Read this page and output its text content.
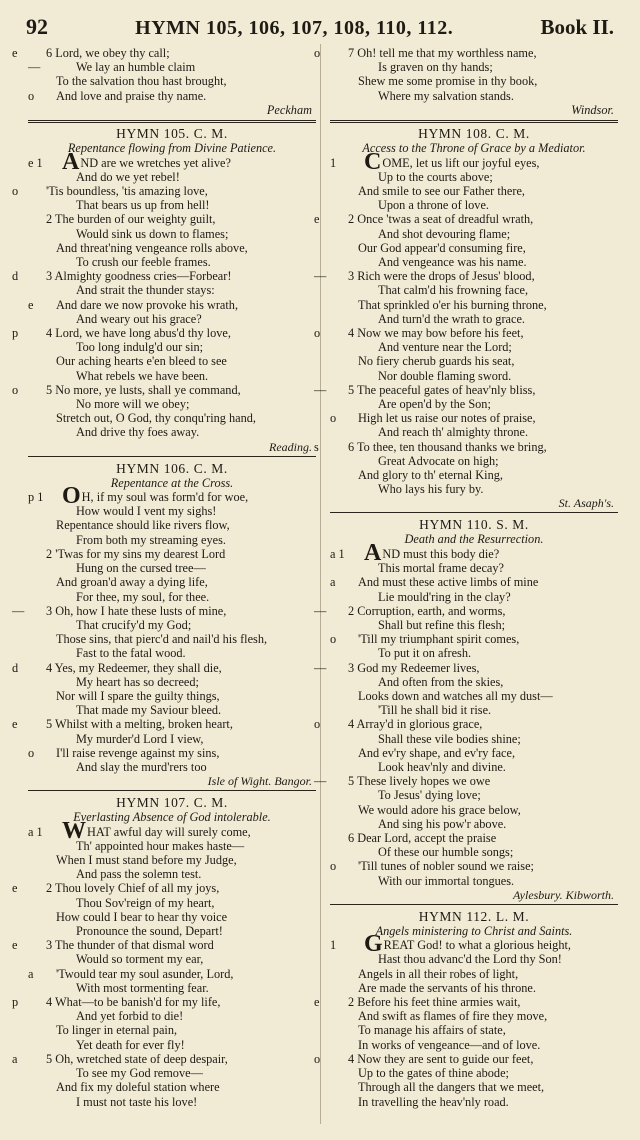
92	HYMN 105, 106, 107, 108, 110, 112.	Book II.
e	6 Lord, we obey thy call;
—	We lay an humble claim
To the salvation thou hast brought,
o	And love and praise thy name.
Peckham

HYMN 105. C. M.
Repentance flowing from Divine Patience.
e 1 AND are we wretches yet alive?
And do we yet rebel!
o	'Tis boundless, 'tis amazing love,
That bears us up from hell!
2 The burden of our weighty guilt,
Would sink us down to flames;
And threat'ning vengeance rolls above,
To crush our feeble frames.
d	3 Almighty goodness cries—Forbear!
And strait the thunder stays:
e	And dare we now provoke his wrath,
And weary out his grace?
p	4 Lord, we have long abus'd thy love,
Too long indulg'd our sin;
Our aching hearts e'en bleed to see
What rebels we have been.
o	5 No more, ye lusts, shall ye command,
No more will we obey;
Stretch out, O God, thy conqu'ring hand,
And drive thy foes away.
Reading.
HYMN 106. C. M.
Repentance at the Cross.
p 1 OH, if my soul was form'd for woe,
How would I vent my sighs!
Repentance should like rivers flow,
From both my streaming eyes.
2 'Twas for my sins my dearest Lord
Hung on the cursed tree—
And groan'd away a dying life,
For thee, my soul, for thee.
—	3 Oh, how I hate these lusts of mine,
That crucify'd my God;
Those sins, that pierc'd and nail'd his flesh,
Fast to the fatal wood.
d	4 Yes, my Redeemer, they shall die,
My heart has so decreed;
Nor will I spare the guilty things,
That made my Saviour bleed.
e	5 Whilst with a melting, broken heart,
My murder'd Lord I view,
o	I'll raise revenge against my sins,
And slay the murd'rers too
Isle of Wight. Bangor.
HYMN 107. C. M.
Everlasting Absence of God intolerable.
a 1 WHAT awful day will surely come,
Th' appointed hour makes haste—
When I must stand before my Judge,
And pass the solemn test.
e	2 Thou lovely Chief of all my joys,
Thou Sov'reign of my heart,
How could I bear to hear thy voice
Pronounce the sound, Depart!
e	3 The thunder of that dismal word
Would so torment my ear,
a	'Twould tear my soul asunder, Lord,
With most tormenting fear.
p	4 What—to be banish'd for my life,
And yet forbid to die!
To linger in eternal pain,
Yet death for ever fly!
a	5 Oh, wretched state of deep despair,
To see my God remove—
And fix my doleful station where
I must not taste his love!
o	7 Oh! tell me that my worthless name,
Is graven on thy hands;
Shew me some promise in thy book,
Where my salvation stands.
Windsor.

HYMN 108. C. M.
Access to the Throne of Grace by a Mediator.
1	COME, let us lift our joyful eyes,
Up to the courts above;
And smile to see our Father there,
Upon a throne of love.
e	2 Once 'twas a seat of dreadful wrath,
And shot devouring flame;
Our God appear'd consuming fire,
And vengeance was his name.
—	3 Rich were the drops of Jesus' blood,
That calm'd his frowning face,
That sprinkled o'er his burning throne,
And turn'd the wrath to grace.
o	4 Now we may bow before his feet,
And venture near the Lord;
No fiery cherub guards his seat,
Nor double flaming sword.
—	5 The peaceful gates of heav'nly bliss,
Are open'd by the Son;
o	High let us raise our notes of praise,
And reach th' almighty throne.
s	6 To thee, ten thousand thanks we bring,
Great Advocate on high;
And glory to th' eternal King,
Who lays his fury by.
St. Asaph's.
HYMN 110. S. M.
Death and the Resurrection.
a 1 AND must this body die?
This mortal frame decay?
a	And must these active limbs of mine
Lie mould'ring in the clay?
—	2 Corruption, earth, and worms,
Shall but refine this flesh;
o	'Till my triumphant spirit comes,
To put it on afresh.
—	3 God my Redeemer lives,
And often from the skies,
Looks down and watches all my dust—
'Till he shall bid it rise.
o	4 Array'd in glorious grace,
Shall these vile bodies shine;
And ev'ry shape, and ev'ry face,
Look heav'nly and divine.
—	5 These lively hopes we owe
To Jesus' dying love;
We would adore his grace below,
And sing his pow'r above.
6 Dear Lord, accept the praise
Of these our humble songs;
o	'Till tunes of nobler sound we raise;
With our immortal tongues.
Aylesbury. Kibworth.
HYMN 112. L. M.
Angels ministering to Christ and Saints.
1	GREAT God! to what a glorious height,
Hast thou advanc'd the Lord thy Son!
Angels in all their robes of light,
Are made the servants of his throne.
e	2 Before his feet thine armies wait,
And swift as flames of fire they move,
To manage his affairs of state,
In works of vengeance—and of love.
o	4 Now they are sent to guide our feet,
Up to the gates of thine abode;
Through all the dangers that we meet,
In travelling the heav'nly road.
